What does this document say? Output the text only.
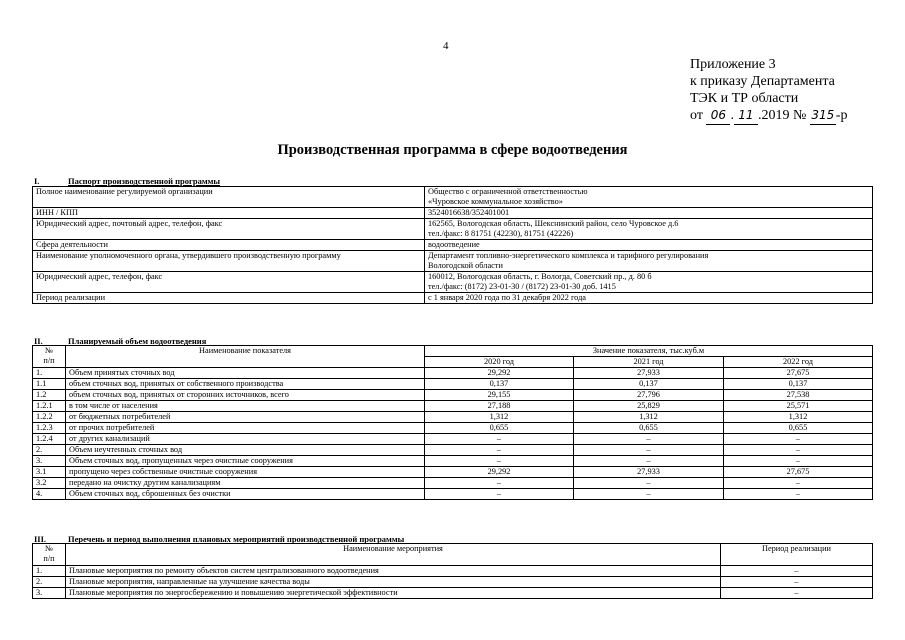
4
Приложение 3
к приказу Департамента
ТЭК и ТР области
от 06 . 11 .2019 № 315 -р
Производственная программа в сфере водоотведения
I.	Паспорт производственной программы
Полное наименование регулируемой организации	Общество с ограниченной ответственностью
«Чуровское коммунальное хозяйство»

ИНН / КПП	3524016638/352401001

Юридический адрес, почтовый адрес, телефон, факс	162565, Вологодская область, Шекснинский район, село Чуровское д.6
тел./факс: 8 81751 (42230), 81751 (42226)

Сфера деятельности	водоотведение

Наименование уполномоченного органа, утвердившего производственную программу	Департамент топливно-энергетического комплекса и тарифного регулирования
Вологодской области

Юридический адрес, телефон, факс	160012, Вологодская область, г. Вологда, Советский пр., д. 80 б
тел./факс: (8172) 23-01-30 / (8172) 23-01-30 доб. 1415

Период реализации	с 1 января 2020 года по 31 декабря 2022 года
II.	Планируемый объем водоотведения
№
п/п	Наименование показателя	Значение показателя, тыс.куб.м		
		2020 год	2021 год	2022 год
1.	Объем принятых сточных вод	29,292	27,933	27,675
1.1	объем сточных вод, принятых от собственного производства	0,137	0,137	0,137
1.2	объем сточных вод, принятых от сторонних источников, всего	29,155	27,796	27,538
1.2.1	в том числе от населения	27,188	25,829	25,571
1.2.2	от бюджетных потребителей	1,312	1,312	1,312
1.2.3	от прочих потребителей	0,655	0,655	0,655
1.2.4	от других канализаций	–	–	–
2.	Объем неучтенных сточных вод	–	–	–
3.	Объем сточных вод, пропущенных через очистные сооружения	–	–	–
3.1	пропущено через собственные очистные сооружения	29,292	27,933	27,675
3.2	передано на очистку другим канализациям	–	–	–
4.	Объем сточных вод, сброшенных без очистки	–	–	–
III.	Перечень и период выполнения плановых мероприятий производственной программы
№
п/п	Наименование мероприятия	Период реализации
1.	Плановые мероприятия по ремонту объектов систем централизованного водоотведения	–
2.	Плановые мероприятия, направленные на улучшение качества воды	–
3.	Плановые мероприятия по энергосбережению и повышению энергетической эффективности	–
